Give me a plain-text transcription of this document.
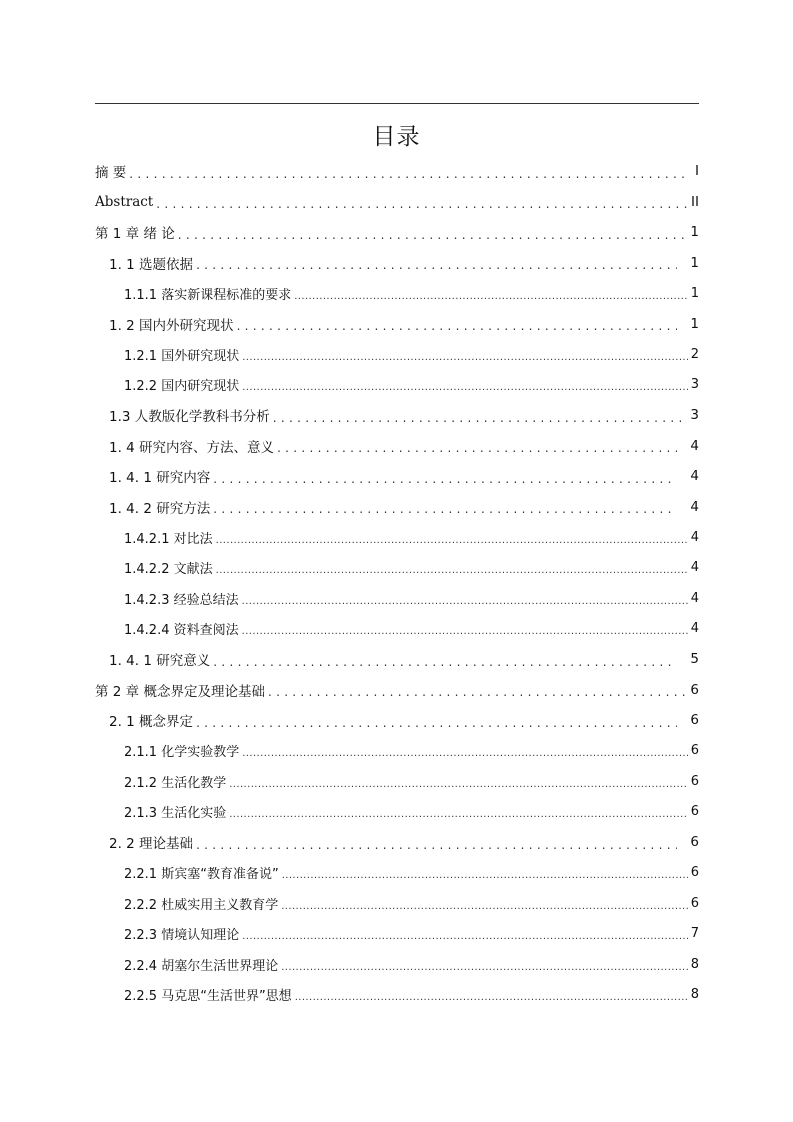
目录
摘 要 .....	I
Abstract .....	II
第 1 章 绪 论 .....	1
1. 1 选题依据 .....	1
1.1.1 落实新课程标准的要求 .....	1
1. 2 国内外研究现状 .....	1
1.2.1 国外研究现状 .....	2
1.2.2 国内研究现状 .....	3
1.3 人教版化学教科书分析 .....	3
1. 4 研究内容、方法、意义 .....	4
1. 4. 1 研究内容 .....	4
1. 4. 2 研究方法 .....	4
1.4.2.1 对比法 .....	4
1.4.2.2 文献法 .....	4
1.4.2.3 经验总结法 .....	4
1.4.2.4 资料查阅法 .....	4
1. 4. 1 研究意义 .....	5
第 2 章 概念界定及理论基础 .....	6
2. 1 概念界定 .....	6
2.1.1 化学实验教学 .....	6
2.1.2 生活化教学 .....	6
2.1.3 生活化实验 .....	6
2. 2 理论基础 .....	6
2.2.1 斯宾塞“教育准备说” .....	6
2.2.2 杜威实用主义教育学 .....	6
2.2.3 情境认知理论 .....	7
2.2.4 胡塞尔生活世界理论 .....	8
2.2.5 马克思“生活世界”思想 .....	8
